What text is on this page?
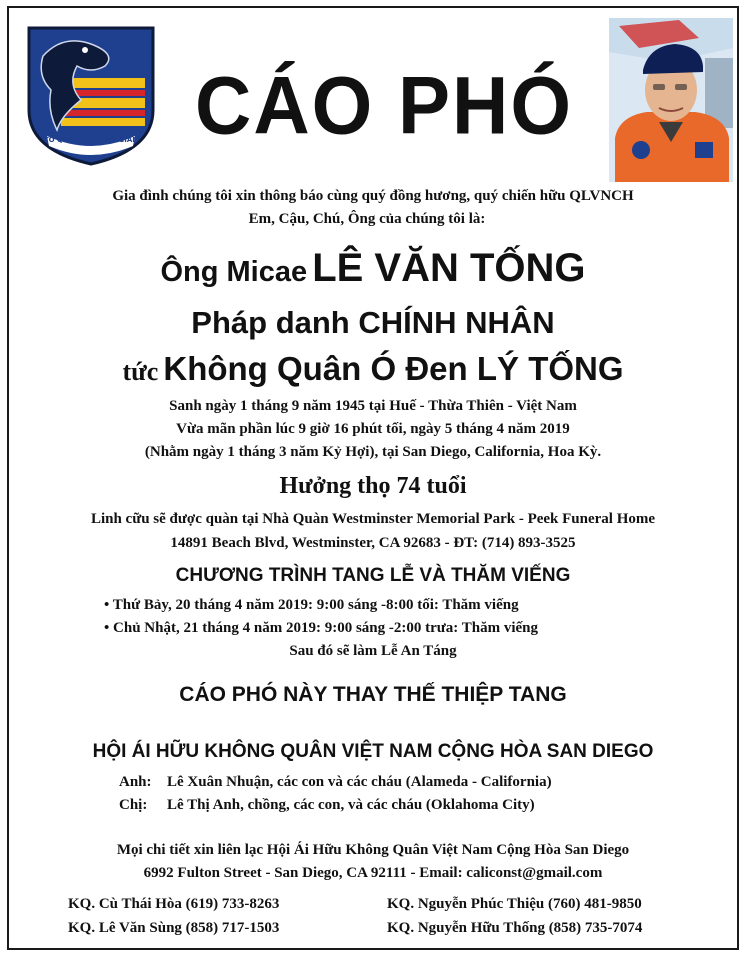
TỔ QUỐC · KHÔNG GIAN CÁO PHÓ
Gia đình chúng tôi xin thông báo cùng quý đồng hương, quý chiến hữu QLVNCH
Em, Cậu, Chú, Ông của chúng tôi là:
Ông Micae LÊ VĂN TỐNG
Pháp danh CHÍNH NHÂN
tức Không Quân Ó Đen LÝ TỐNG
Sanh ngày 1 tháng 9 năm 1945 tại Huế - Thừa Thiên - Việt Nam
Vừa mãn phần lúc 9 giờ 16 phút tối, ngày 5 tháng 4 năm 2019
(Nhằm ngày 1 tháng 3 năm Kỷ Hợi), tại San Diego, California, Hoa Kỳ.
Hưởng thọ 74 tuổi
Linh cữu sẽ được quàn tại Nhà Quàn Westminster Memorial Park - Peek Funeral Home
14891 Beach Blvd, Westminster, CA 92683 - ĐT: (714) 893-3525
CHƯƠNG TRÌNH TANG LỄ VÀ THĂM VIẾNG
• Thứ Bảy, 20 tháng 4 năm 2019: 9:00 sáng -8:00 tối: Thăm viếng
• Chủ Nhật, 21 tháng 4 năm 2019: 9:00 sáng -2:00 trưa: Thăm viếng
Sau đó sẽ làm Lễ An Táng
CÁO PHÓ NÀY THAY THẾ THIỆP TANG
HỘI ÁI HỮU KHÔNG QUÂN VIỆT NAM CỘNG HÒA SAN DIEGO
Anh: Lê Xuân Nhuận, các con và các cháu (Alameda - California)
Chị: Lê Thị Anh, chồng, các con, và các cháu (Oklahoma City)
Mọi chi tiết xin liên lạc Hội Ái Hữu Không Quân Việt Nam Cộng Hòa San Diego
6992 Fulton Street - San Diego, CA 92111 - Email: caliconst@gmail.com
KQ. Cù Thái Hòa (619) 733-8263	KQ. Nguyễn Phúc Thiệu (760) 481-9850
KQ. Lê Văn Sùng (858) 717-1503	KQ. Nguyễn Hữu Thống (858) 735-7074
